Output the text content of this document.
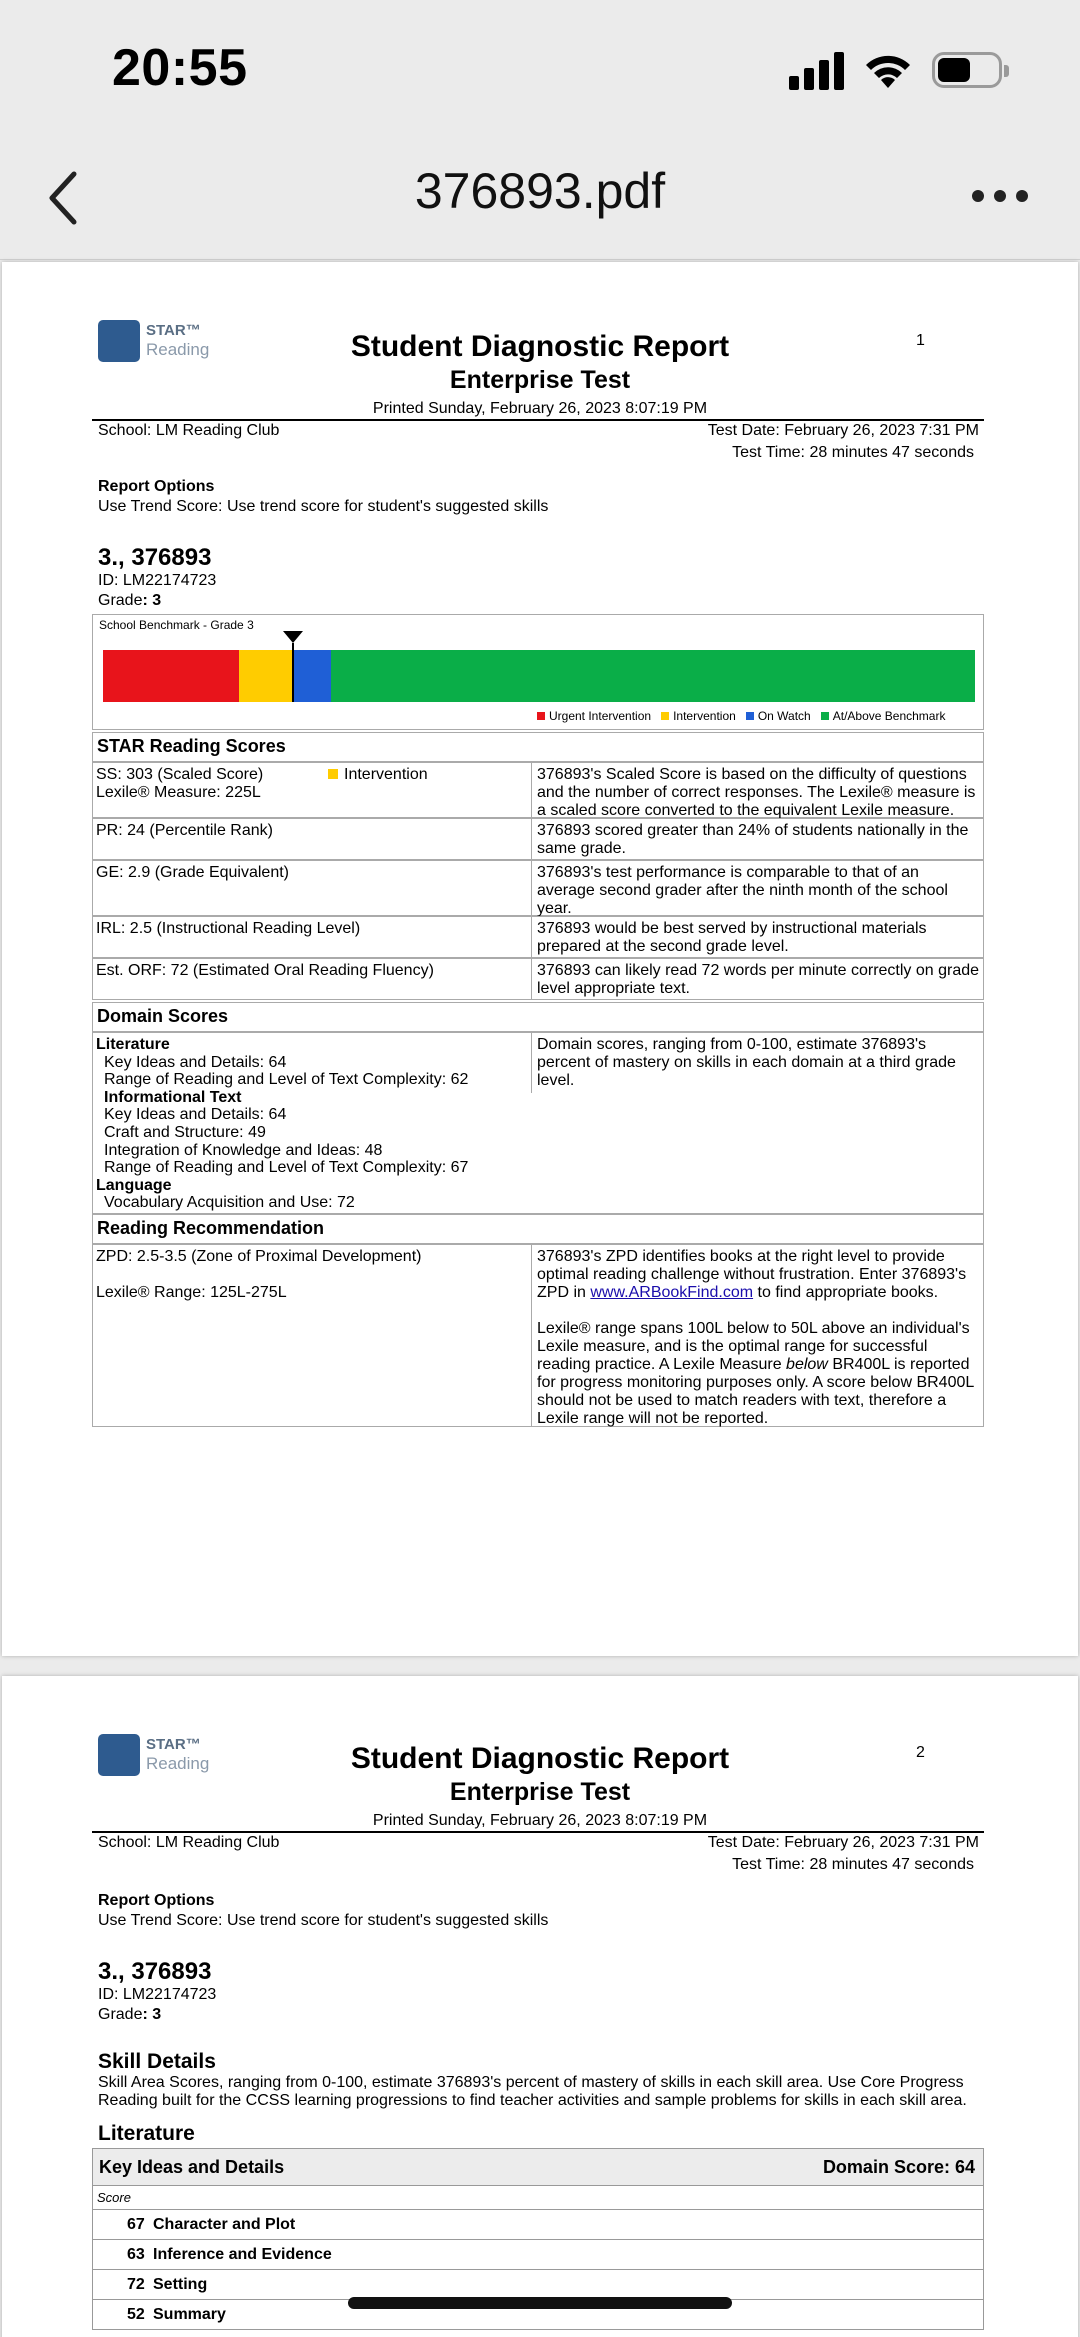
20:55
376893.pdf
STAR™
Reading	Student Diagnostic Report
Enterprise Test
Printed Sunday, February 26, 2023 8:07:19 PM
1
School: LM Reading Club	Test Date: February 26, 2023 7:31 PM
Test Time: 28 minutes 47 seconds
Report Options
Use Trend Score: Use trend score for student's suggested skills
3., 376893
ID: LM22174723
Grade: 3
School Benchmark - Grade 3
Urgent Intervention Intervention On Watch At/Above Benchmark
STAR Reading Scores
SS: 303 (Scaled Score)	Intervention
Lexile® Measure: 225L
376893's Scaled Score is based on the difficulty of questions and the number of correct responses. The Lexile® measure is a scaled score converted to the equivalent Lexile measure.
PR: 24 (Percentile Rank)	376893 scored greater than 24% of students nationally in the same grade.
GE: 2.9 (Grade Equivalent)	376893's test performance is comparable to that of an average second grader after the ninth month of the school year.
IRL: 2.5 (Instructional Reading Level)	376893 would be best served by instructional materials prepared at the second grade level.
Est. ORF: 72 (Estimated Oral Reading Fluency)	376893 can likely read 72 words per minute correctly on grade level appropriate text.
Domain Scores
Literature
Key Ideas and Details: 64
Range of Reading and Level of Text Complexity: 62
Informational Text
Key Ideas and Details: 64
Craft and Structure: 49
Integration of Knowledge and Ideas: 48
Range of Reading and Level of Text Complexity: 67
Language
Vocabulary Acquisition and Use: 72
Domain scores, ranging from 0-100, estimate 376893's percent of mastery on skills in each domain at a third grade level.
Reading Recommendation
ZPD: 2.5-3.5 (Zone of Proximal Development)
Lexile® Range: 125L-275L
376893's ZPD identifies books at the right level to provide optimal reading challenge without frustration. Enter 376893's ZPD in www.ARBookFind.com to find appropriate books.
Lexile® range spans 100L below to 50L above an individual's Lexile measure, and is the optimal range for successful reading practice. A Lexile Measure below BR400L is reported for progress monitoring purposes only. A score below BR400L should not be used to match readers with text, therefore a Lexile range will not be reported.
STAR™
Reading	Student Diagnostic Report
Enterprise Test
Printed Sunday, February 26, 2023 8:07:19 PM
2
School: LM Reading Club	Test Date: February 26, 2023 7:31 PM
Test Time: 28 minutes 47 seconds
Report Options
Use Trend Score: Use trend score for student's suggested skills
3., 376893
ID: LM22174723
Grade: 3
Skill Details
Skill Area Scores, ranging from 0-100, estimate 376893's percent of mastery of skills in each skill area. Use Core Progress
Reading built for the CCSS learning progressions to find teacher activities and sample problems for skills in each skill area.
Literature
Key Ideas and Details	Domain Score: 64
Score
67 Character and Plot
63 Inference and Evidence
72 Setting
52 Summary
